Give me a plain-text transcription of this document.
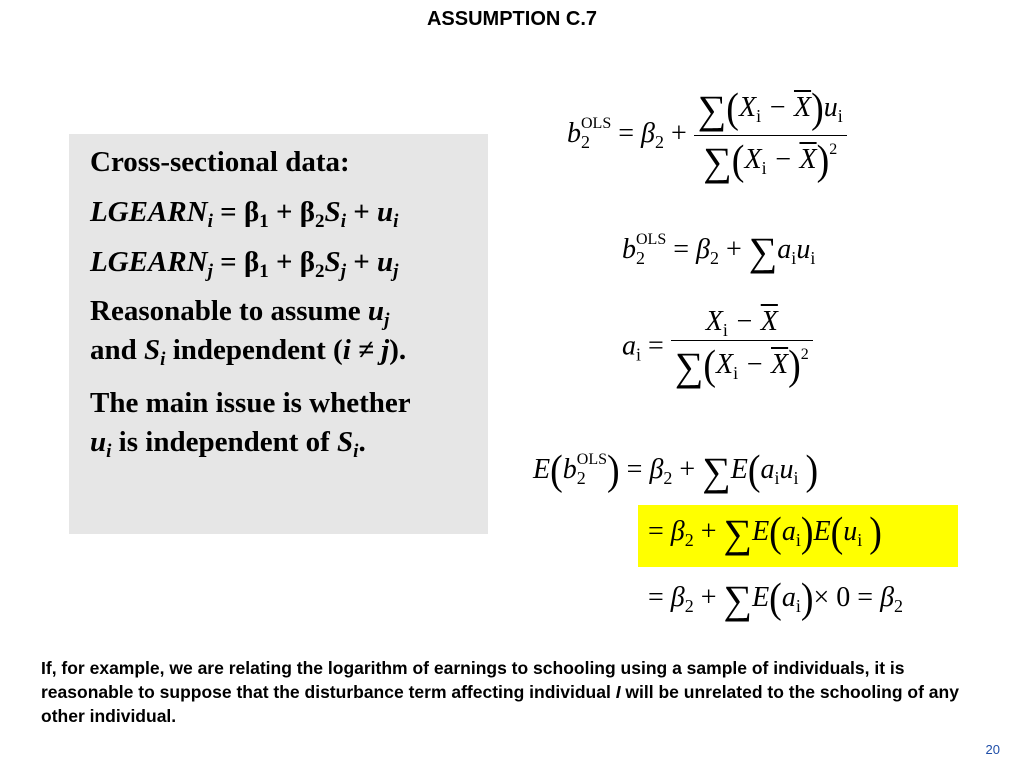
ASSUMPTION C.7

Cross-sectional data:

$LGEARN_i = \beta_1 + \beta_2S_i + u_i$

$LGEARN_j = \beta_1 + \beta_2S_j + u_j$

Reasonable to assume $u_j$
and $S_i$ independent (i ≠ j).

The main issue is whether
$u_i$ is independent of $S_i$.

$b_2^{OLS} = \beta_2 + \frac{\sum(X_i - \overline{X})u_i}{\sum(X_i - \overline{X})^2}$
$b_2^{OLS} = \beta_2 + \sum a_iu_i$
$a_i = \frac{X_i - \overline{X}}{\sum(X_i - \overline{X})^2}$
$E(b_2^{OLS}) = \beta_2 + \sum E(a_iu_i$ )
= $\beta_2 + \sum E(a_i)E(u_i$ )
= $\beta_2 + \sum E(a_i)\times 0 = \beta_2$
If, for example, we are relating the logarithm of earnings to schooling using a sample of individuals, it is reasonable to suppose that the disturbance term affecting individual I will be unrelated to the schooling of any other individual.
20
